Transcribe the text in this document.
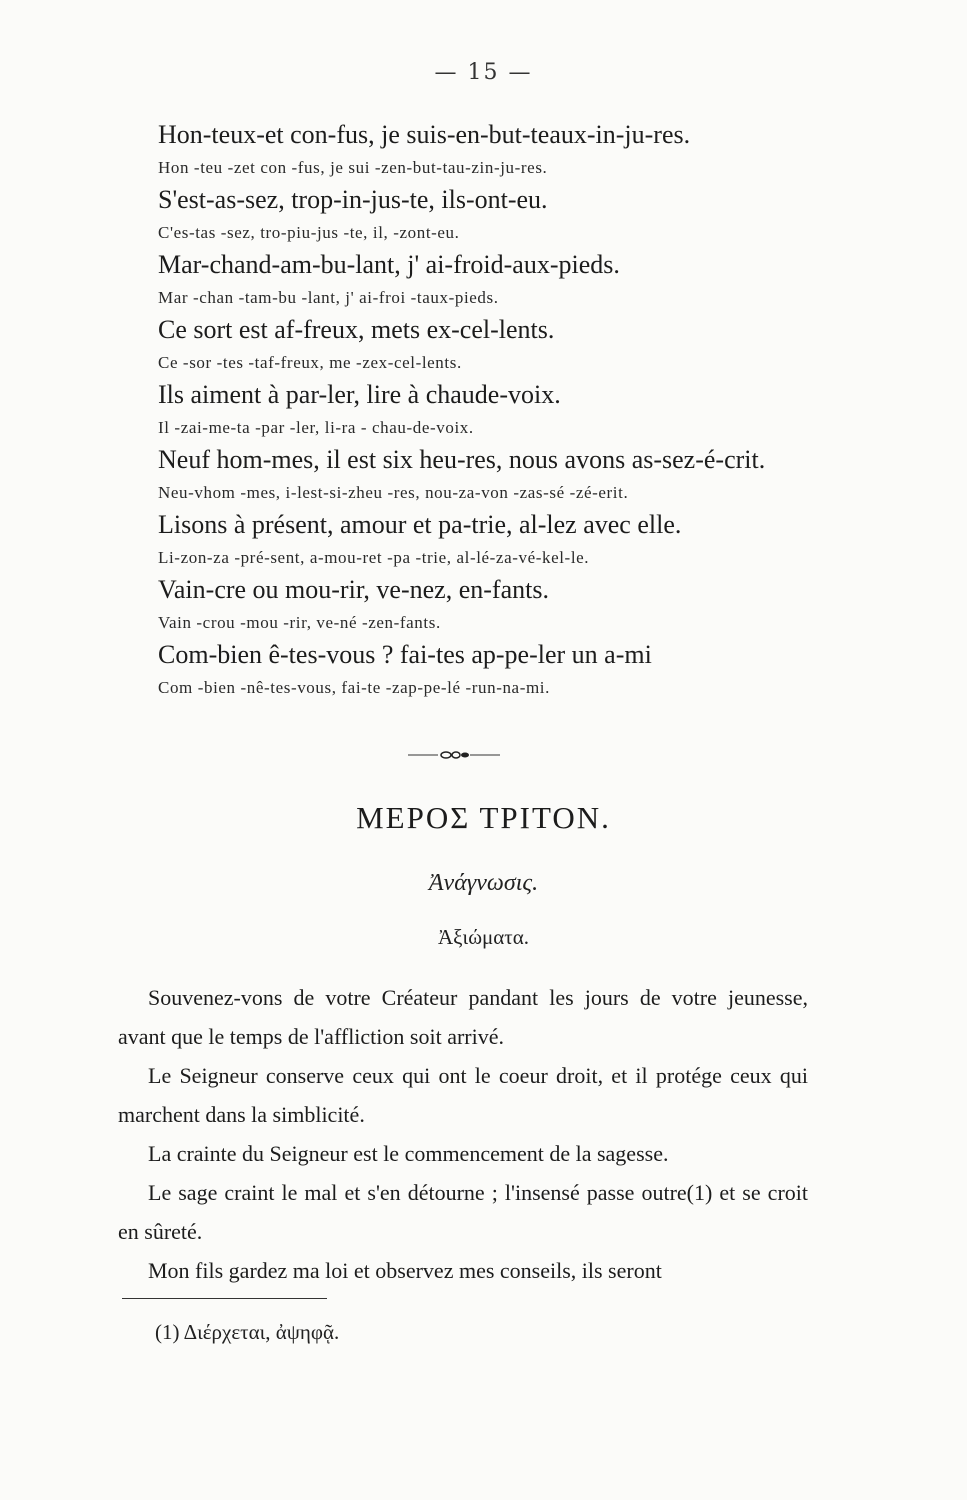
— 15 —
Hon-teux-et con-fus, je suis-en-but-teaux-in-ju-res.
Hon -teu -zet con -fus, je sui -zen-but-tau-zin-ju-res.
S'est-as-sez, trop-in-jus-te, ils-ont-eu.
C'es-tas -sez, tro-piu-jus -te, il, -zont-eu.
Mar-chand-am-bu-lant, j' ai-froid-aux-pieds.
Mar -chan -tam-bu -lant, j' ai-froi -taux-pieds.
Ce sort est af-freux, mets ex-cel-lents.
Ce -sor -tes -taf-freux, me -zex-cel-lents.
Ils aiment à par-ler, lire à chaude-voix.
Il -zai-me-ta -par -ler, li-ra - chau-de-voix.
Neuf hom-mes, il est six heu-res, nous avons as-sez-é-crit.
Neu-vhom -mes, i-lest-si-zheu -res, nou-za-von -zas-sé -zé-erit.
Lisons à présent, amour et pa-trie, al-lez avec elle.
Li-zon-za -pré-sent, a-mou-ret -pa -trie, al-lé-za-vé-kel-le.
Vain-cre ou mou-rir, ve-nez, en-fants.
Vain -crou -mou -rir, ve-né -zen-fants.
Com-bien ê-tes-vous ? fai-tes ap-pe-ler un a-mi
Com -bien -nê-tes-vous, fai-te -zap-pe-lé -run-na-mi.
ΜΕΡΟΣ ΤΡΙΤΟΝ.
Ἀνάγνωσις.
Ἀξιώματα.

Souvenez-vons de votre Créateur pandant les jours de votre jeunesse, avant que le temps de l'affliction soit arrivé.

Le Seigneur conserve ceux qui ont le coeur droit, et il protége ceux qui marchent dans la simblicité.

La crainte du Seigneur est le commencement de la sagesse.

Le sage craint le mal et s'en détourne ; l'insensé passe outre(1) et se croit en sûreté.

Mon fils gardez ma loi et observez mes conseils, ils seront

(1) Διέρχεται, ἀψηφᾷ.
